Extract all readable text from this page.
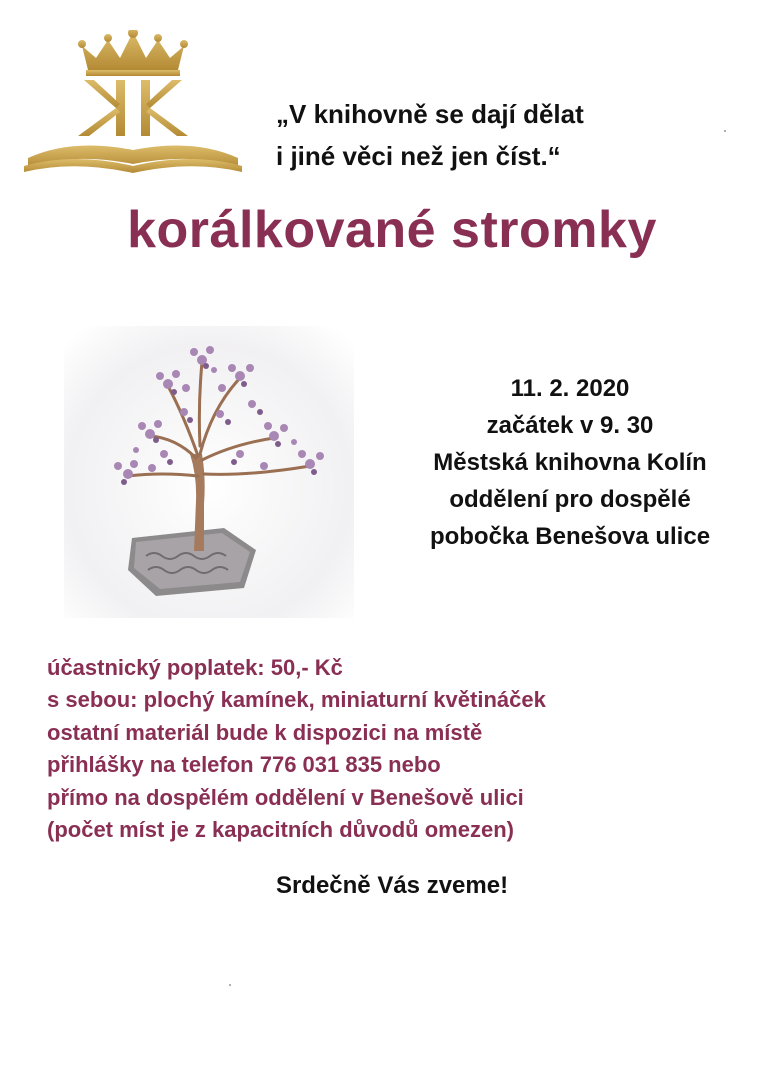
„V knihovně se dají dělat
i jiné věci než jen číst.“
korálkované stromky
11. 2. 2020
začátek v 9. 30
Městská knihovna Kolín
oddělení pro dospělé
pobočka Benešova ulice
účastnický poplatek: 50,- Kč
s sebou: plochý kamínek, miniaturní květináček
ostatní materiál bude k dispozici na místě
přihlášky na telefon 776 031 835 nebo
přímo na dospělém oddělení v Benešově ulici
(počet míst je z kapacitních důvodů omezen)
Srdečně Vás zveme!
